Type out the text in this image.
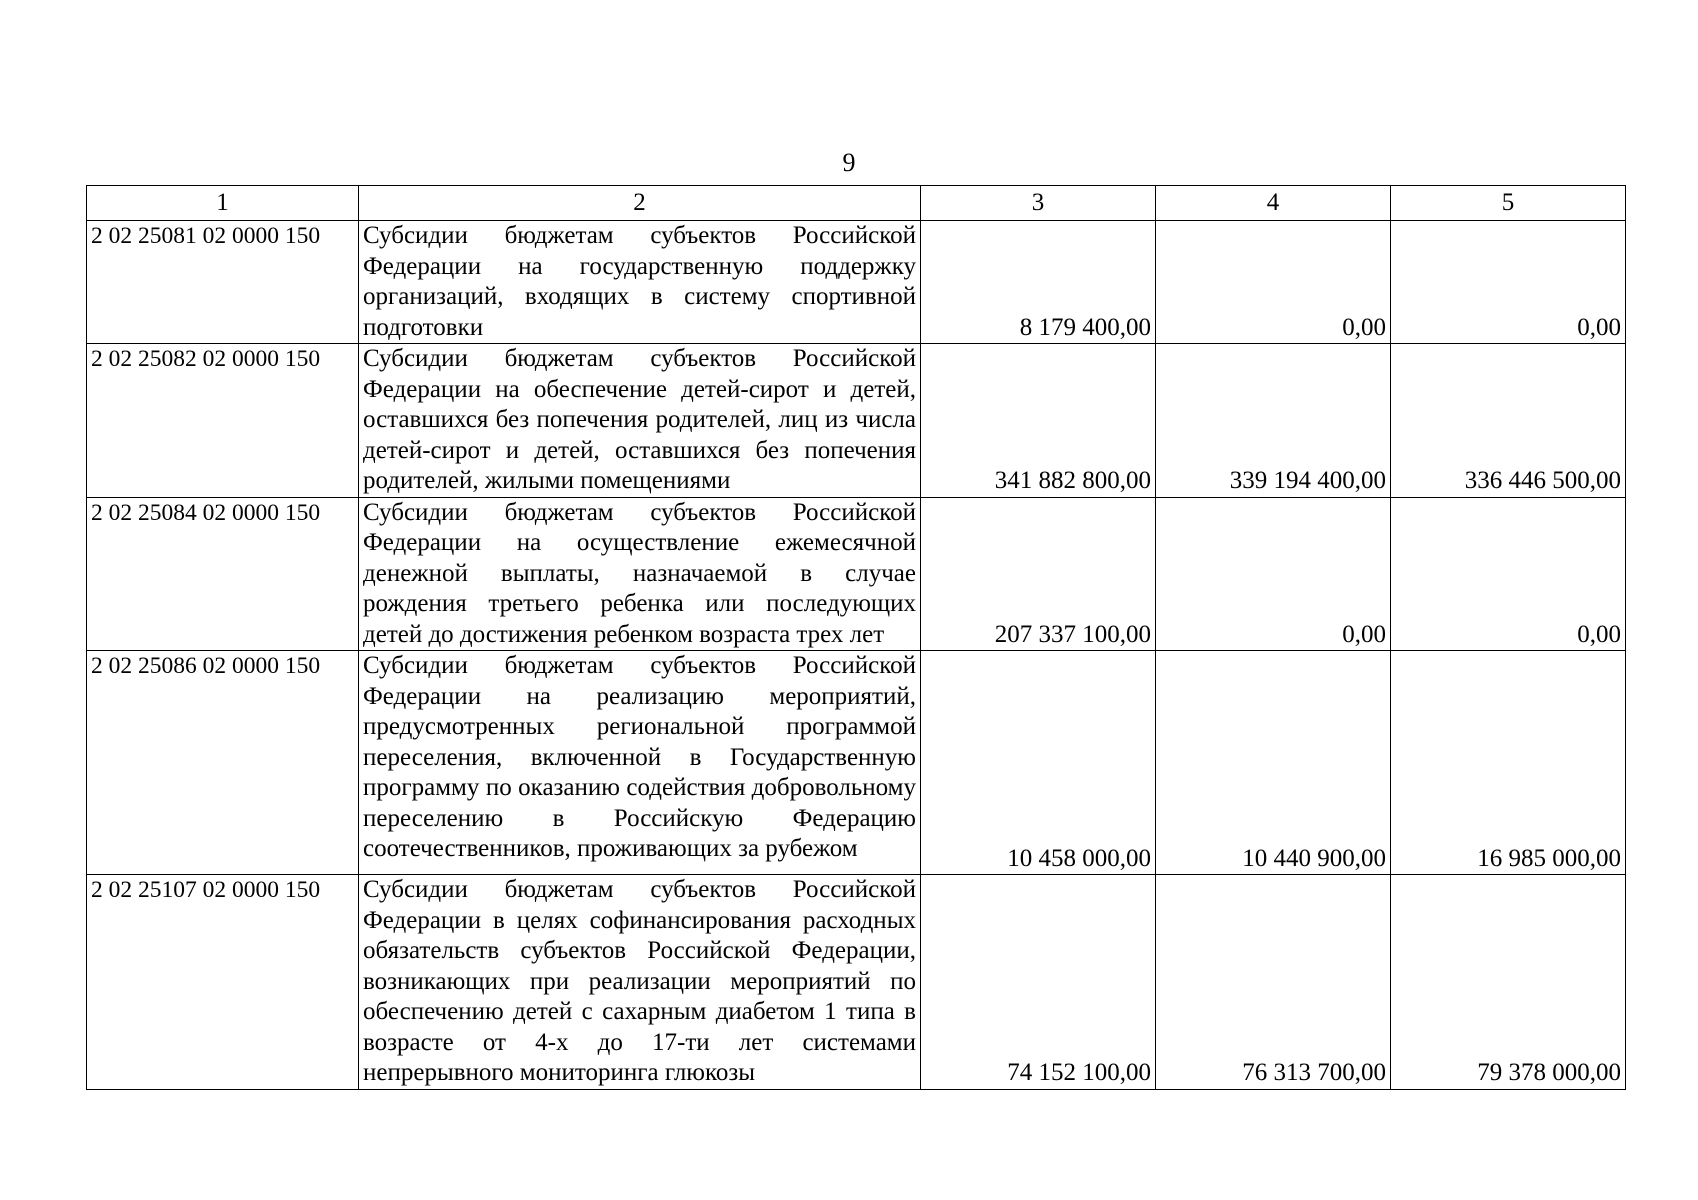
9
1	2	3	4	5
2 02 25081 02 0000 150	Субсидии бюджетам субъектов Российской Федерации на государственную поддержку организаций, входящих в систему спортивной подготовки	8 179 400,00	0,00	0,00
2 02 25082 02 0000 150	Субсидии бюджетам субъектов Российской Федерации на обеспечение детей-сирот и детей, оставшихся без попечения родителей, лиц из числа детей-сирот и детей, оставшихся без попечения родителей, жилыми помещениями	341 882 800,00	339 194 400,00	336 446 500,00
2 02 25084 02 0000 150	Субсидии бюджетам субъектов Российской Федерации на осуществление ежемесячной денежной выплаты, назначаемой в случае рождения третьего ребенка или последующих детей до достижения ребенком возраста трех лет	207 337 100,00	0,00	0,00
2 02 25086 02 0000 150	Субсидии бюджетам субъектов Российской Федерации на реализацию мероприятий, предусмотренных региональной программой переселения, включенной в Государственную программу по оказанию содействия добровольному переселению в Российскую Федерацию соотечественников, проживающих за рубежом	10 458 000,00	10 440 900,00	16 985 000,00
2 02 25107 02 0000 150	Субсидии бюджетам субъектов Российской Федерации в целях софинансирования расходных обязательств субъектов Российской Федерации, возникающих при реализации мероприятий по обеспечению детей с сахарным диабетом 1 типа в возрасте от 4-х до 17-ти лет системами непрерывного мониторинга глюкозы	74 152 100,00	76 313 700,00	79 378 000,00
